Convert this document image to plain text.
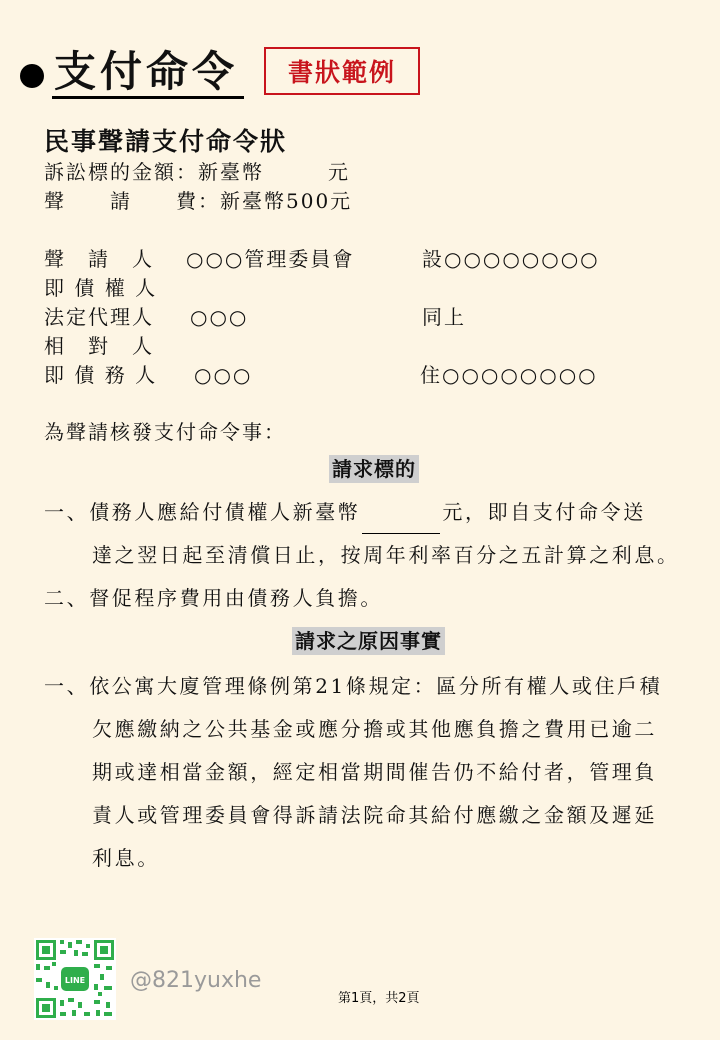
支付命令	書狀範例
民事聲請支付命令狀
訴訟標的金額：新臺幣	元
聲　　請　　費：新臺幣500元
聲　請　人 ○○○管理委員會	設○○○○○○○○
即 債 權 人
法定代理人 ○○○	同上
相　對　人
即 債 務 人 ○○○	住○○○○○○○○
為聲請核發支付命令事：
請求標的
一、債務人應給付債權人新臺幣	元，即自支付命令送
達之翌日起至清償日止，按周年利率百分之五計算之利息。
二、督促程序費用由債務人負擔。
請求之原因事實
一、依公寓大廈管理條例第21條規定：區分所有權人或住戶積
欠應繳納之公共基金或應分擔或其他應負擔之費用已逾二
期或達相當金額，經定相當期間催告仍不給付者，管理負
責人或管理委員會得訴請法院命其給付應繳之金額及遲延
利息。
LINE @821yuxhe
第1頁，共2頁
